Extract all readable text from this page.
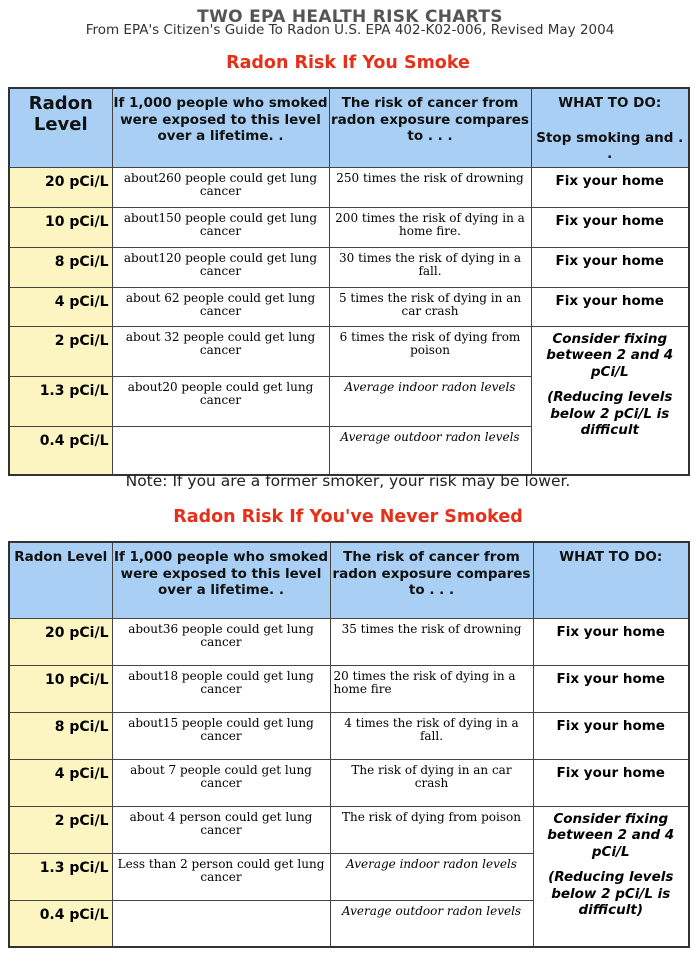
TWO EPA HEALTH RISK CHARTS
From EPA's Citizen's Guide To Radon U.S. EPA 402-K02-006, Revised May 2004
Radon Risk If You Smoke
Radon Level	If 1,000 people who smoked were exposed to this level over a lifetime. .	The risk of cancer from radon exposure compares to . . .	WHAT TO DO:
Stop smoking and . .

20 pCi/L	about260 people could get lung cancer	250 times the risk of drowning	Fix your home
10 pCi/L	about150 people could get lung cancer	200 times the risk of dying in a home fire.	Fix your home
8 pCi/L	about120 people could get lung cancer	30 times the risk of dying in a fall.	Fix your home
4 pCi/L	about 62 people could get lung cancer	5 times the risk of dying in an car crash	Fix your home
2 pCi/L	about 32 people could get lung cancer	6 times the risk of dying from poison	Consider fixing between 2 and 4 pCi/L

(Reducing levels below 2 pCi/L is difficult

1.3 pCi/L	about20 people could get lung cancer	Average indoor radon levels	
0.4 pCi/L		Average outdoor radon levels	
Note: If you are a former smoker, your risk may be lower.
Radon Risk If You've Never Smoked
Radon Level	If 1,000 people who smoked were exposed to this level over a lifetime. .	The risk of cancer from radon exposure compares to . . .	WHAT TO DO:
20 pCi/L	about36 people could get lung cancer	35 times the risk of drowning	Fix your home
10 pCi/L	about18 people could get lung cancer	20 times the risk of dying in a home fire	Fix your home
8 pCi/L	about15 people could get lung cancer	4 times the risk of dying in a fall.	Fix your home
4 pCi/L	about 7 people could get lung cancer	The risk of dying in an car crash	Fix your home
2 pCi/L	about 4 person could get lung cancer	The risk of dying from poison	Consider fixing between 2 and 4 pCi/L

(Reducing levels below 2 pCi/L is difficult)

1.3 pCi/L	Less than 2 person could get lung cancer	Average indoor radon levels	
0.4 pCi/L		Average outdoor radon levels	
